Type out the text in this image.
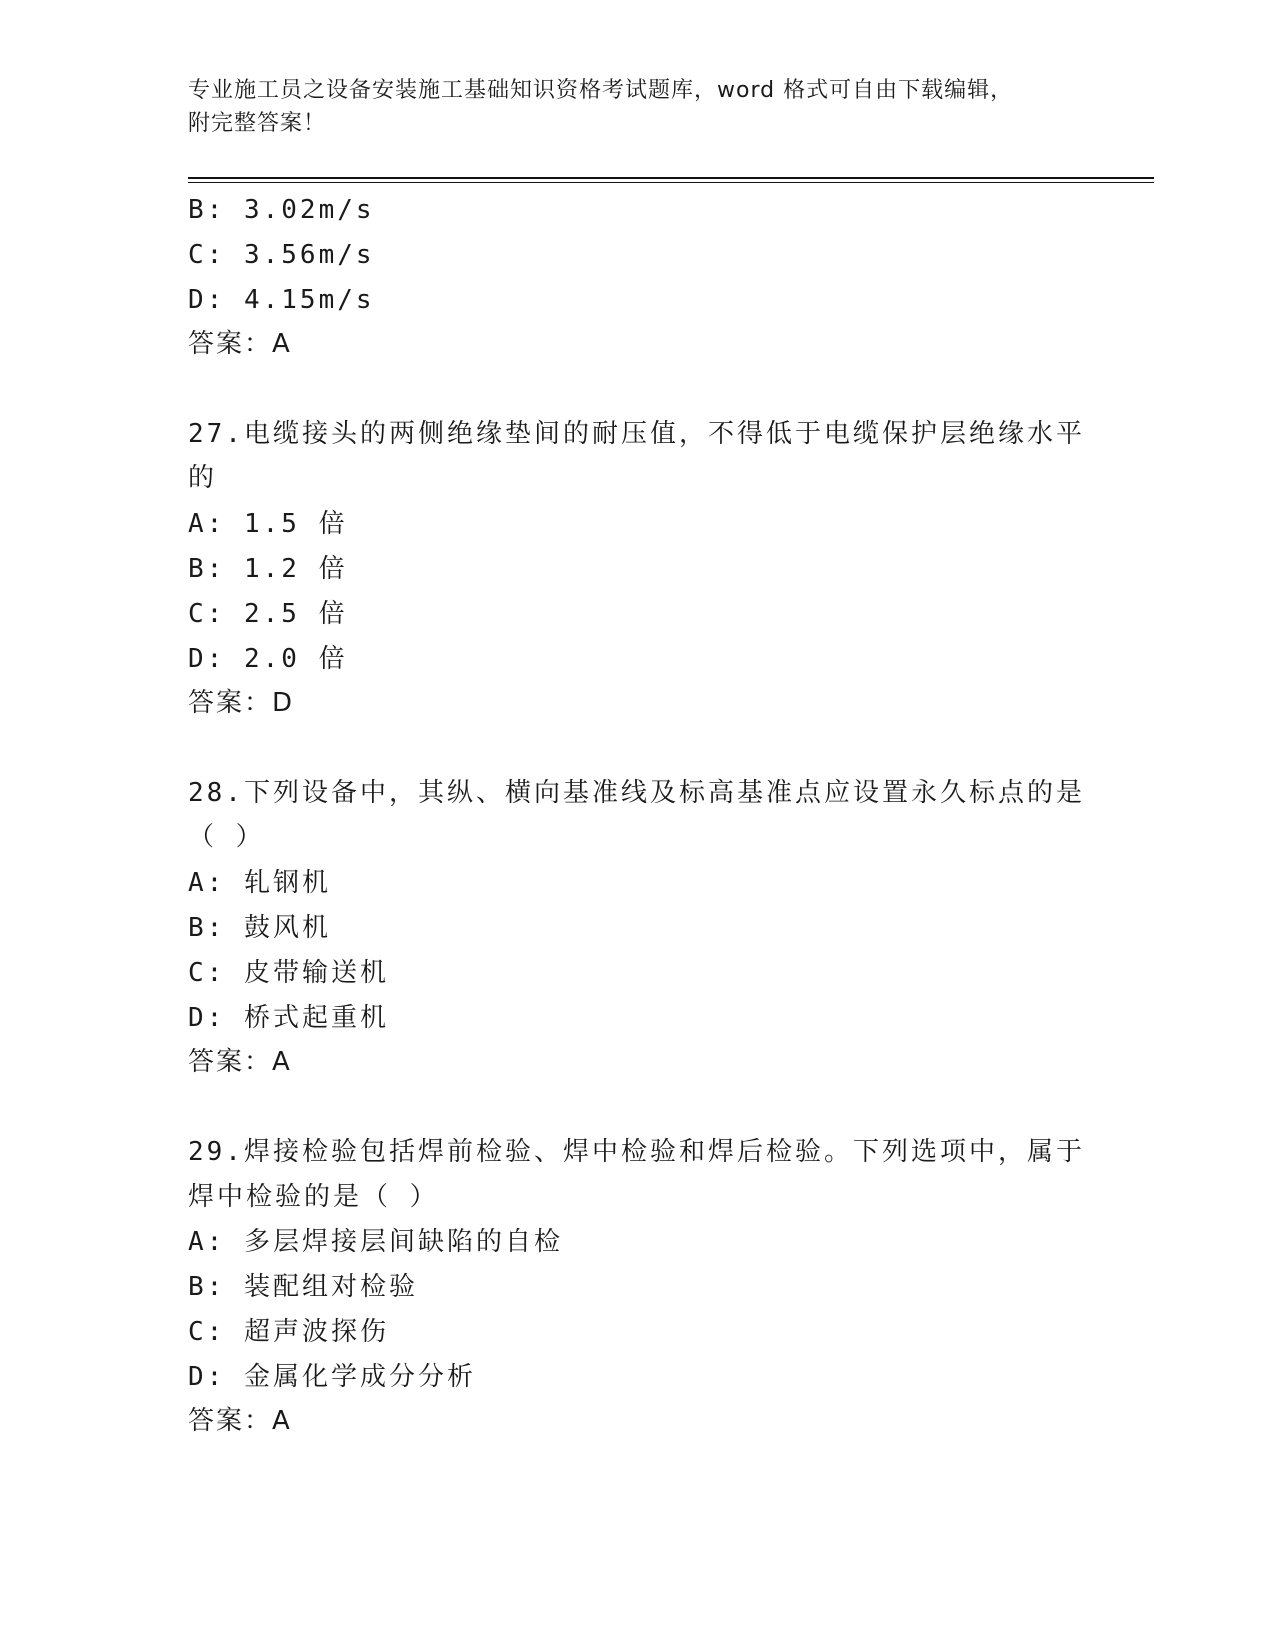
专业施工员之设备安装施工基础知识资格考试题库，word 格式可自由下载编辑，
附完整答案！
B: 3.02m/s
C: 3.56m/s
D: 4.15m/s
答案：A
27.电缆接头的两侧绝缘垫间的耐压值，不得低于电缆保护层绝缘水平
的
A: 1.5 倍
B: 1.2 倍
C: 2.5 倍
D: 2.0 倍
答案：D
28.下列设备中，其纵、横向基准线及标高基准点应设置永久标点的是
（ ）
A: 轧钢机
B: 鼓风机
C: 皮带输送机
D: 桥式起重机
答案：A
29.焊接检验包括焊前检验、焊中检验和焊后检验。下列选项中，属于
焊中检验的是（ ）
A: 多层焊接层间缺陷的自检
B: 装配组对检验
C: 超声波探伤
D: 金属化学成分分析
答案：A
